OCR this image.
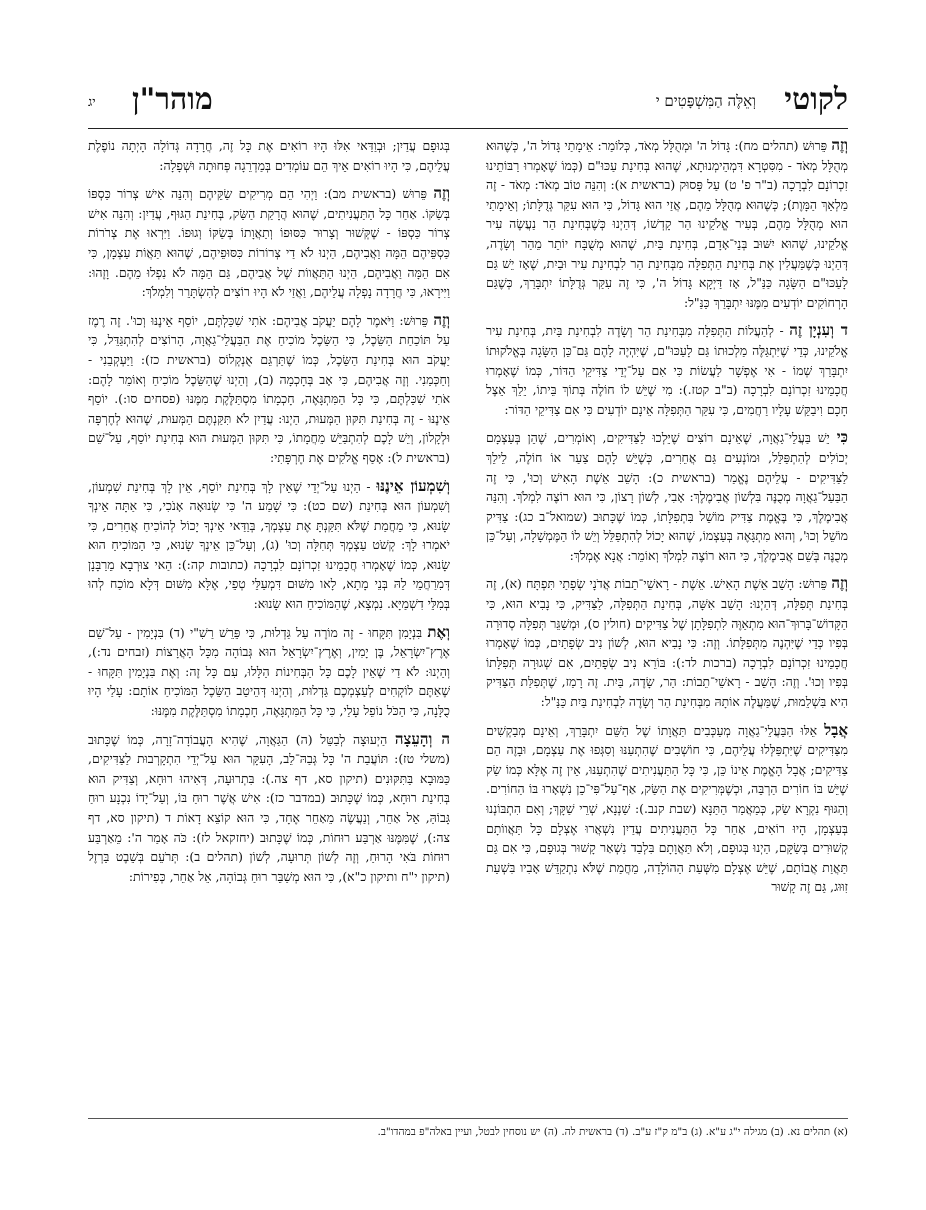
לקוטי
וְאֵלֶּה הַמִּשְׁפָּטִים י
מוהר"ן
יג

וְזֶה פֵּרוּשׁ (תהלים מח): גָּדוֹל ה' וּמְהֻלָּל מְאֹד, כְּלוֹמַר: אֵימָתַי גָּדוֹל ה', כְּשֶׁהוּא מְהֻלָּל מְאֹד - מִסִּטְרָא דִּמְהֵימְנוּתָא, שֶׁהוּא בְּחִינַת עַכּוּ"ם (כְּמוֹ שֶׁאָמְרוּ רַבּוֹתֵינוּ זִכְרוֹנָם לִבְרָכָה (ב"ר פ' ט) עַל פָּסוּק (בראשית א): וְהִנֵּה טוֹב מְאֹד: מְאֹד - זֶה מַלְאַךְ הַמָּוֶת); כְּשֶׁהוּא מְהֻלָּל מֵהֶם, אֲזַי הוּא גָּדוֹל, כִּי הוּא עִקַּר גְּדֻלָּתוֹ; וְאֵימָתַי הוּא מְהֻלָּל מֵהֶם, בְּעִיר אֱלֹקֵינוּ הַר קָדְשׁוֹ, דְּהַיְנוּ כְּשֶׁבְּחִינַת הַר נַעֲשֶׂה עִיר אֱלֹקֵינוּ, שֶׁהוּא יִשּׁוּב בְּנֵי־אָדָם, בְּחִינַת בַּיִת, שֶׁהוּא מְשֻׁבָּח יוֹתֵר מֵהַר וְשָׂדֶה, דְּהַיְנוּ כְּשֶׁמַּעֲלִין אֶת בְּחִינַת הַתְּפִלָּה מִבְּחִינַת הַר לִבְחִינַת עִיר וּבַיִת, שֶׁאָז יֵשׁ גַּם לָעַכּוּ"ם הַשָּׂגָה כַּנַּ"ל, אָז דַּיְקָא גָּדוֹל ה', כִּי זֶה עִקַּר גְּדֻלָּתוֹ יִתְבָּרַךְ, כְּשֶׁגַּם הָרְחוֹקִים יוֹדְעִים מִמֶּנּוּ יִתְבָּרַךְ כַּנַּ"ל:

ד וְעִנְיָן זֶה - לְהַעֲלוֹת הַתְּפִלָּה מִבְּחִינַת הַר וְשָׂדֶה לִבְחִינַת בַּיִת, בְּחִינַת עִיר אֱלֹקֵינוּ, כְּדֵי שֶׁיִּתְגַּלֶּה מַלְכוּתוֹ גַּם לָעַכּוּ"ם, שֶׁיִּהְיֶה לָהֶם גַּם־כֵּן הַשָּׂגָה בְּאֱלֹקוּתוֹ יִתְבָּרַךְ שְׁמוֹ - אִי אֶפְשָׁר לַעֲשׂוֹת כִּי אִם עַל־יְדֵי צַדִּיקֵי הַדּוֹר, כְּמוֹ שֶׁאָמְרוּ חֲכָמֵינוּ זִכְרוֹנָם לִבְרָכָה (ב"ב קטז.): מִי שֶׁיֵּשׁ לוֹ חוֹלֶה בְּתוֹךְ בֵּיתוֹ, יֵלֵךְ אֵצֶל חָכָם וִיבַקֵּשׁ עָלָיו רַחֲמִים, כִּי עִקַּר הַתְּפִלָּה אֵינָם יוֹדְעִים כִּי אִם צַדִּיקֵי הַדּוֹר:

כִּי יֵשׁ בַּעֲלֵי־גַאֲוָה, שֶׁאֵינָם רוֹצִים שֶׁיֵּלְכוּ לַצַּדִּיקִים, וְאוֹמְרִים, שֶׁהֵן בְּעַצְמָם יְכוֹלִים לְהִתְפַּלֵּל, וּמוֹנְעִים גַּם אֲחֵרִים, כְּשֶׁיֵּשׁ לָהֶם צַעַר אוֹ חוֹלֶה, לֵילֵךְ לַצַּדִּיקִים - עֲלֵיהֶם נֶאֱמַר (בראשית כ): הָשֵׁב אֵשֶׁת הָאִישׁ וְכוּ', כִּי זֶה הַבַּעַל־גַאֲוָה מְכֻנֶּה בִּלְשׁוֹן אֲבִימֶלֶךְ: אָבִי, לְשׁוֹן רָצוֹן, כִּי הוּא רוֹצֶה לִמְלֹךְ. וְהִנֵּה אֲבִימֶלֶךְ, כִּי בֶּאֱמֶת צַדִּיק מוֹשֵׁל בִּתְפִלָּתוֹ, כְּמוֹ שֶׁכָּתוּב (שמואל־ב כג): צַדִּיק מוֹשֵׁל וְכוּ', וְהוּא מִתְגָּאֶה בְּעַצְמוֹ, שֶׁהוּא יָכוֹל לְהִתְפַּלֵּל וְיֵשׁ לוֹ הַמֶּמְשָׁלָה, וְעַל־כֵּן מְכֻנֶּה בְּשֵׁם אֲבִימֶלֶךְ, כִּי הוּא רוֹצֶה לִמְלֹךְ וְאוֹמֵר: אֲנָא אֶמְלֹךְ:

וְזֶה פֵּרוּשׁ: הָשֵׁב אֵשֶׁת הָאִישׁ. אֵשֶׁת - רָאשֵׁי־תֵבוֹת אֲדֹנָי שְׂפָתַי תִּפְתָּח (א), זֶה בְּחִינַת תְּפִלָּה, דְּהַיְנוּ: הָשֵׁב אִשָּׁה, בְּחִינַת הַתְּפִלָּה, לַצַּדִּיק, כִּי נָבִיא הוּא, כִּי הַקָּדוֹשׁ־בָּרוּךְ־הוּא מִתְאַוֶּה לִתְפִלָּתָן שֶׁל צַדִּיקִים (חולין ס), וּמְשַׁגֵּר תְּפִלָּה סְדוּרָה בְּפִיו כְּדֵי שֶׁיִּהְנֶה מִתְּפִלָּתוֹ. וְזֶה: כִּי נָבִיא הוּא, לְשׁוֹן נִיב שְׂפָתַיִם, כְּמוֹ שֶׁאָמְרוּ חֲכָמֵינוּ זִכְרוֹנָם לִבְרָכָה (ברכות לד:): בּוֹרֵא נִיב שְׂפָתַיִם, אִם שְׁגוּרָה תְּפִלָּתוֹ בְּפִיו וְכוּ'. וְזֶה: הָשֵׁב - רָאשֵׁי־תֵבוֹת: הַר, שָׂדֶה, בַּיִת. זֶה רָמַז, שֶׁתְּפִלַּת הַצַּדִּיק הִיא בִּשְׁלֵמוּת, שֶׁמַּעֲלֶה אוֹתָהּ מִבְּחִינַת הַר וְשָׂדֶה לִבְחִינַת בַּיִת כַּנַּ"ל:

אֲבָל אֵלּוּ הַבַּעֲלֵי־גַאֲוָה מְעַכְּבִים תַּאֲוָתוֹ שֶׁל הַשֵּׁם יִתְבָּרַךְ, וְאֵינָם מְבַקְשִׁים מִצַּדִּיקִים שֶׁיִּתְפַּלְּלוּ עֲלֵיהֶם, כִּי חוֹשְׁבִים שֶׁהִתְעַנּוּ וְסִגְּפוּ אֶת עַצְמָם, וּבָזֶה הֵם צַדִּיקִים; אֲבָל הָאֱמֶת אֵינוֹ כֵּן, כִּי כָּל הַתַּעֲנִיתִים שֶׁהִתְעַנּוּ, אֵין זֶה אֶלָּא כְּמוֹ שַׂק שֶׁיֵּשׁ בּוֹ חוֹרִים הַרְבֵּה, וּכְשֶׁמְּרִיקִים אֶת הַשַּׂק, אַף־עַל־פִּי־כֵן נִשְׁאָרוּ בּוֹ הַחוֹרִים. וְהַגּוּף נִקְרָא שַׂק, כְּמַאֲמַר הַתַּנָּא (שבת קנב.): שַׁנְנָא, שְׁרֵי שַׁקָּךְ; וְאִם הִתְבּוֹנְנוּ בְּעַצְמָן, הָיוּ רוֹאִים, אַחַר כָּל הַתַּעֲנִיתִים עֲדַיִן נִשְׁאֲרוּ אֶצְלָם כָּל תַּאֲווֹתָם קְשׁוּרִים בְּשַׂקָּם, הַיְנוּ בְּגוּפָם, וְלֹא תַּאֲוָתָם בִּלְבַד נִשְׁאַר קָשׁוּר בְּגוּפָם, כִּי אִם גַּם תַּאֲוַת אֲבוֹתָם, שֶׁיֵּשׁ אֶצְלָם מִשְּׁעַת הַהוֹלָדָה, מֵחֲמַת שֶׁלֹּא נִתְקַדֵּשׁ אָבִיו בִּשְׁעַת זִוּוּג, גַּם זֶה קָשׁוּר

בְּגוּפָם עֲדַיִן; וּבְוַדַּאי אִלּוּ הָיוּ רוֹאִים אֶת כָּל זֶה, חֲרָדָה גְּדוֹלָה הָיְתָה נוֹפֶלֶת עֲלֵיהֶם, כִּי הָיוּ רוֹאִים אֵיךְ הֵם עוֹמְדִים בְּמַדְרֵגָה פְּחוּתָה וּשְׁפָלָה:

וְזֶה פֵּרוּשׁ (בראשית מב): וַיְהִי הֵם מְרִיקִים שַׂקֵּיהֶם וְהִנֵּה אִישׁ צְרוֹר כַּסְפּוֹ בְּשַׂקּוֹ. אַחַר כָּל הַתַּעֲנִיתִים, שֶׁהוּא הֲרָקַת הַשַּׂק, בְּחִינַת הַגּוּף, עֲדַיִן: וְהִנֵּה אִישׁ צְרוֹר כַּסְפּוֹ - שֶׁקְּשׁוּר וְצָרוּר כִּסּוּפוֹ וְתַאֲוָתוֹ בְּשַׂקּוֹ וְגוּפוֹ. וַיִּרְאוּ אֶת צְרֹרוֹת כַּסְפֵּיהֶם הֵמָּה וַאֲבִיהֶם, הַיְנוּ לֹא דַי צְרוֹרוֹת כִּסּוּפֵיהֶם, שֶׁהוּא תַּאֲוֹת עַצְמָן, כִּי אִם הֵמָּה וַאֲבִיהֶם, הַיְנוּ הַתַּאֲווֹת שֶׁל אֲבִיהֶם, גַּם הֵמָּה לֹא נִפְלוּ מֵהֶם. וָזֶהוּ: וַיִּירָאוּ, כִּי חֲרָדָה נָפְלָה עֲלֵיהֶם, וַאֲזַי לֹא הָיוּ רוֹצִים לְהִשְׂתָּרֵר וְלִמְלֹךְ:

וְזֶה פֵּרוּשׁ: וַיֹּאמֶר לָהֶם יַעֲקֹב אֲבִיהֶם: אֹתִי שִׁכַּלְתֶּם, יוֹסֵף אֵינֶנּוּ וְכוּ'. זֶה רֶמֶז עַל תּוֹכַחַת הַשֵּׂכֶל, כִּי הַשֵּׂכֶל מוֹכִיחַ אֶת הַבַּעֲלֵי־גַאֲוָה, הָרוֹצִים לְהִתְגַּדֵּל, כִּי יַעֲקֹב הוּא בְּחִינַת הַשֵּׂכֶל, כְּמוֹ שֶׁתַּרְגֵּם אֻנְקְלוֹס (בראשית כז): וַיַּעְקְבֵנִי - וְחַכְּמַנִי. וְזֶה אֲבִיהֶם, כִּי אָב בְּחָכְמָה (ב), וְהַיְנוּ שֶׁהַשֵּׂכֶל מוֹכִיחַ וְאוֹמֵר לָהֶם: אֹתִי שִׁכַּלְתֶּם, כִּי כָּל הַמִּתְגָּאֶה, חָכְמָתוֹ מִסְתַּלֶּקֶת מִמֶּנּוּ (פסחים סו:). יוֹסֵף אֵינֶנּוּ - זֶה בְּחִינַת תִּקּוּן הַמְּעוּת, הַיְנוּ: עֲדַיִן לֹא תִּקַּנְתֶּם הַמְּעוּת, שֶׁהוּא לְחֶרְפָּה וּלְקָלוֹן, וְיֵשׁ לָכֶם לְהִתְבַּיֵּשׁ מֵחֲמָתוֹ, כִּי תִּקּוּן הַמְּעוּת הוּא בְּחִינַת יוֹסֵף, עַל־שֵׁם (בראשית ל): אָסַף אֱלֹקִים אֶת חֶרְפָּתִי:

וְשִׁמְעוֹן אֵינֶנּוּ - הַיְנוּ עַל־יְדֵי שֶׁאֵין לָךְ בְּחִינַת יוֹסֵף, אֵין לָךְ בְּחִינַת שִׁמְעוֹן, וְשִׁמְעוֹן הוּא בְּחִינַת (שם כט): כִּי שָׁמַע ה' כִּי שְׂנוּאָה אָנֹכִי, כִּי אַתָּה אֵינְךָ שָׂנוּא, כִּי מֵחֲמַת שֶׁלֹּא תִּקַּנְתָּ אֶת עַצְמְךָ, בְּוַדַּאי אֵינְךָ יָכוֹל לְהוֹכִיחַ אֲחֵרִים, כִּי יֹאמְרוּ לָךְ: קְשֹׁט עַצְמְךָ תְּחִלָּה וְכוּ' (ג), וְעַל־כֵּן אֵינְךָ שָׂנוּא, כִּי הַמּוֹכִיחַ הוּא שָׂנוּא, כְּמוֹ שֶׁאָמְרוּ חֲכָמֵינוּ זִכְרוֹנָם לִבְרָכָה (כתובות קה:): הַאי צוּרְבָא מֵרַבָּנָן דְּמִרַחֲמֵי לֵהּ בְּנֵי מָתָא, לָאו מִשּׁוּם דִּמְעַלֵּי טְפֵי, אֶלָּא מִשּׁוּם דְּלָא מוֹכַח לְהוּ בְּמִלֵּי דִשְׁמַיָּא. נִמְצָא, שֶׁהַמּוֹכִיחַ הוּא שָׂנוּא:

וְאֶת בִּנְיָמִן תִּקָּחוּ - זֶה מוֹרֶה עַל גַּדְלוּת, כִּי פֵּרֵשׁ רַשִׁ"י (ד) בִּנְיָמִין - עַל־שֵׁם אֶרֶץ־יִשְׂרָאֵל, בֶּן יָמִין, וְאֶרֶץ־יִשְׂרָאֵל הוּא גְּבוֹהָה מִכָּל הָאֲרָצוֹת (זבחים נד:), וְהַיְנוּ: לֹא דַי שֶׁאֵין לָכֶם כָּל הַבְּחִינוֹת הַלָּלוּ, עִם כָּל זֶה: וְאֶת בִּנְיָמִין תִּקָּחוּ - שֶׁאַתֶּם לוֹקְחִים לְעַצְמְכֶם גַּדְלוּת, וְהַיְנוּ דְּהֵיטֵב הַשֵּׂכֶל הַמּוֹכִיחַ אוֹתָם: עָלַי הָיוּ כֻלָּנָה, כִּי הַכֹּל נוֹפֵל עָלַי, כִּי כָּל הַמִּתְגָּאֶה, חָכְמָתוֹ מִסְתַּלֶּקֶת מִמֶּנּוּ:

ה וְהָעֵצָה הַיְעוּצָה לְבַטֵּל (ה) הַגַּאֲוָה, שֶׁהִיא הָעֲבוֹדָה־זָרָה, כְּמוֹ שֶׁכָּתוּב (משלי טז): תּוֹעֲבַת ה' כָּל גְּבַהּ־לֵב, הָעִקָּר הוּא עַל־יְדֵי הִתְקָרְבוּת לַצַּדִּיקִים, כַּמּוּבָא בַּתִּקּוּנִים (תיקון סא, דף צה.): בִּתְרוּעָה, דְּאִיהוּ רוּחָא, וְצַדִּיק הוּא בְּחִינַת רוּחָא, כְּמוֹ שֶׁכָּתוּב (במדבר כז): אִישׁ אֲשֶׁר רוּחַ בּוֹ, וְעַל־יָדוֹ נִכְנָע רוּחַ גָּבוֹהַּ, אֵל אַחֵר, וְנַעֲשֶׂה מֵאַחֵר אֶחָד, כִּי הוּא קוֹצֵא דָאוֹת ד (תיקון סא, דף צה:), שֶׁמִּמֶּנּוּ אַרְבַּע רוּחוֹת, כְּמוֹ שֶׁכָּתוּב (יחזקאל לז): כֹּה אָמַר ה': מֵאַרְבַּע רוּחוֹת בֹּאִי הָרוּחַ, וְזֶה לְשׁוֹן תְּרוּעָה, לְשׁוֹן (תהלים ב): תְּרֹעֵם בְּשֵׁבֶט בַּרְזֶל (תיקון י"ח ותיקון כ"א), כִּי הוּא מְשַׁבֵּר רוּחַ גְּבוֹהָה, אֵל אַחֵר, כְּפִירוֹת:

(א) תהלים נא. (ב) מגילה י"ג ע"א. (ג) ב"מ ק"ז ע"ב. (ד) בראשית לה. (ה) יש נוסחין לבטל, ועיין באלה"פ במהדו"ב.
